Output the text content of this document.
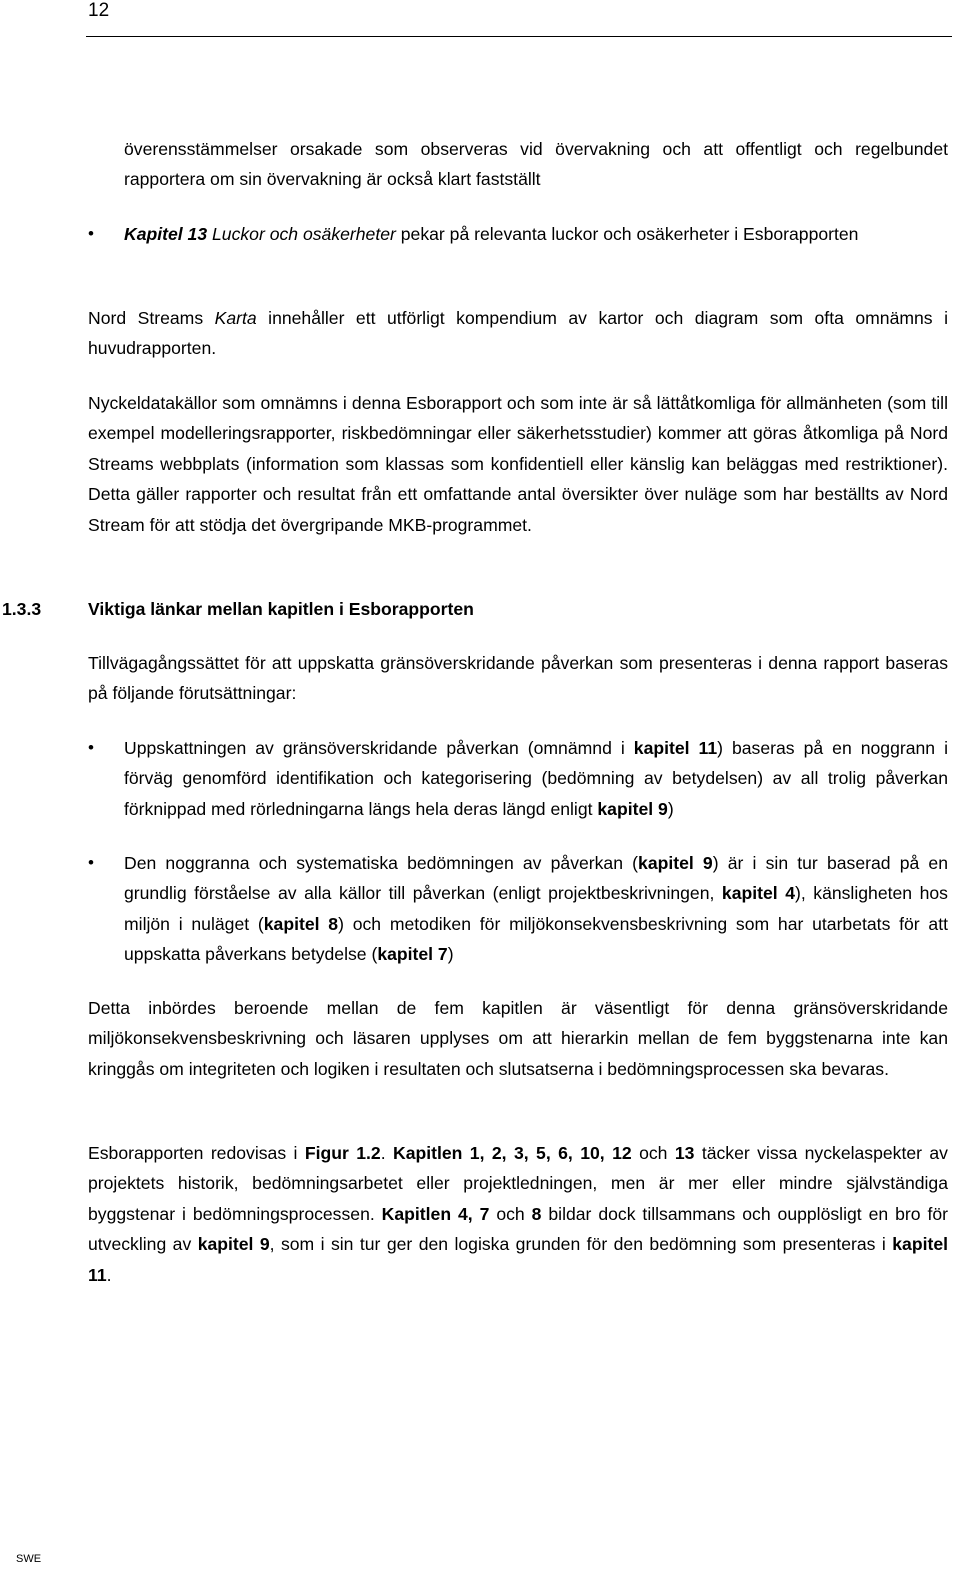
12

överensstämmelser orsakade som observeras vid övervakning och att offentligt och regelbundet rapportera om sin övervakning är också klart fastställt

• Kapitel 13 Luckor och osäkerheter pekar på relevanta luckor och osäkerheter i Esborapporten

Nord Streams Karta innehåller ett utförligt kompendium av kartor och diagram som ofta omnämns i huvudrapporten.

Nyckeldatakällor som omnämns i denna Esborapport och som inte är så lättåtkomliga för allmänheten (som till exempel modelleringsrapporter, riskbedömningar eller säkerhetsstudier) kommer att göras åtkomliga på Nord Streams webbplats (information som klassas som konfidentiell eller känslig kan beläggas med restriktioner). Detta gäller rapporter och resultat från ett omfattande antal översikter över nuläge som har beställts av Nord Stream för att stödja det övergripande MKB-programmet.

1.3.3	Viktiga länkar mellan kapitlen i Esborapporten

Tillvägagångssättet för att uppskatta gränsöverskridande påverkan som presenteras i denna rapport baseras på följande förutsättningar:

• Uppskattningen av gränsöverskridande påverkan (omnämnd i kapitel 11) baseras på en noggrann i förväg genomförd identifikation och kategorisering (bedömning av betydelsen) av all trolig påverkan förknippad med rörledningarna längs hela deras längd enligt kapitel 9)

• Den noggranna och systematiska bedömningen av påverkan (kapitel 9) är i sin tur baserad på en grundlig förståelse av alla källor till påverkan (enligt projektbeskrivningen, kapitel 4), känsligheten hos miljön i nuläget (kapitel 8) och metodiken för miljökonsekvensbeskrivning som har utarbetats för att uppskatta påverkans betydelse (kapitel 7)

Detta inbördes beroende mellan de fem kapitlen är väsentligt för denna gränsöverskridande miljökonsekvensbeskrivning och läsaren upplyses om att hierarkin mellan de fem byggstenarna inte kan kringgås om integriteten och logiken i resultaten och slutsatserna i bedömningsprocessen ska bevaras.

Esborapporten redovisas i Figur 1.2. Kapitlen 1, 2, 3, 5, 6, 10, 12 och 13 täcker vissa nyckelaspekter av projektets historik, bedömningsarbetet eller projektledningen, men är mer eller mindre självständiga byggstenar i bedömningsprocessen. Kapitlen 4, 7 och 8 bildar dock tillsammans och oupplösligt en bro för utveckling av kapitel 9, som i sin tur ger den logiska grunden för den bedömning som presenteras i kapitel 11.

SWE
